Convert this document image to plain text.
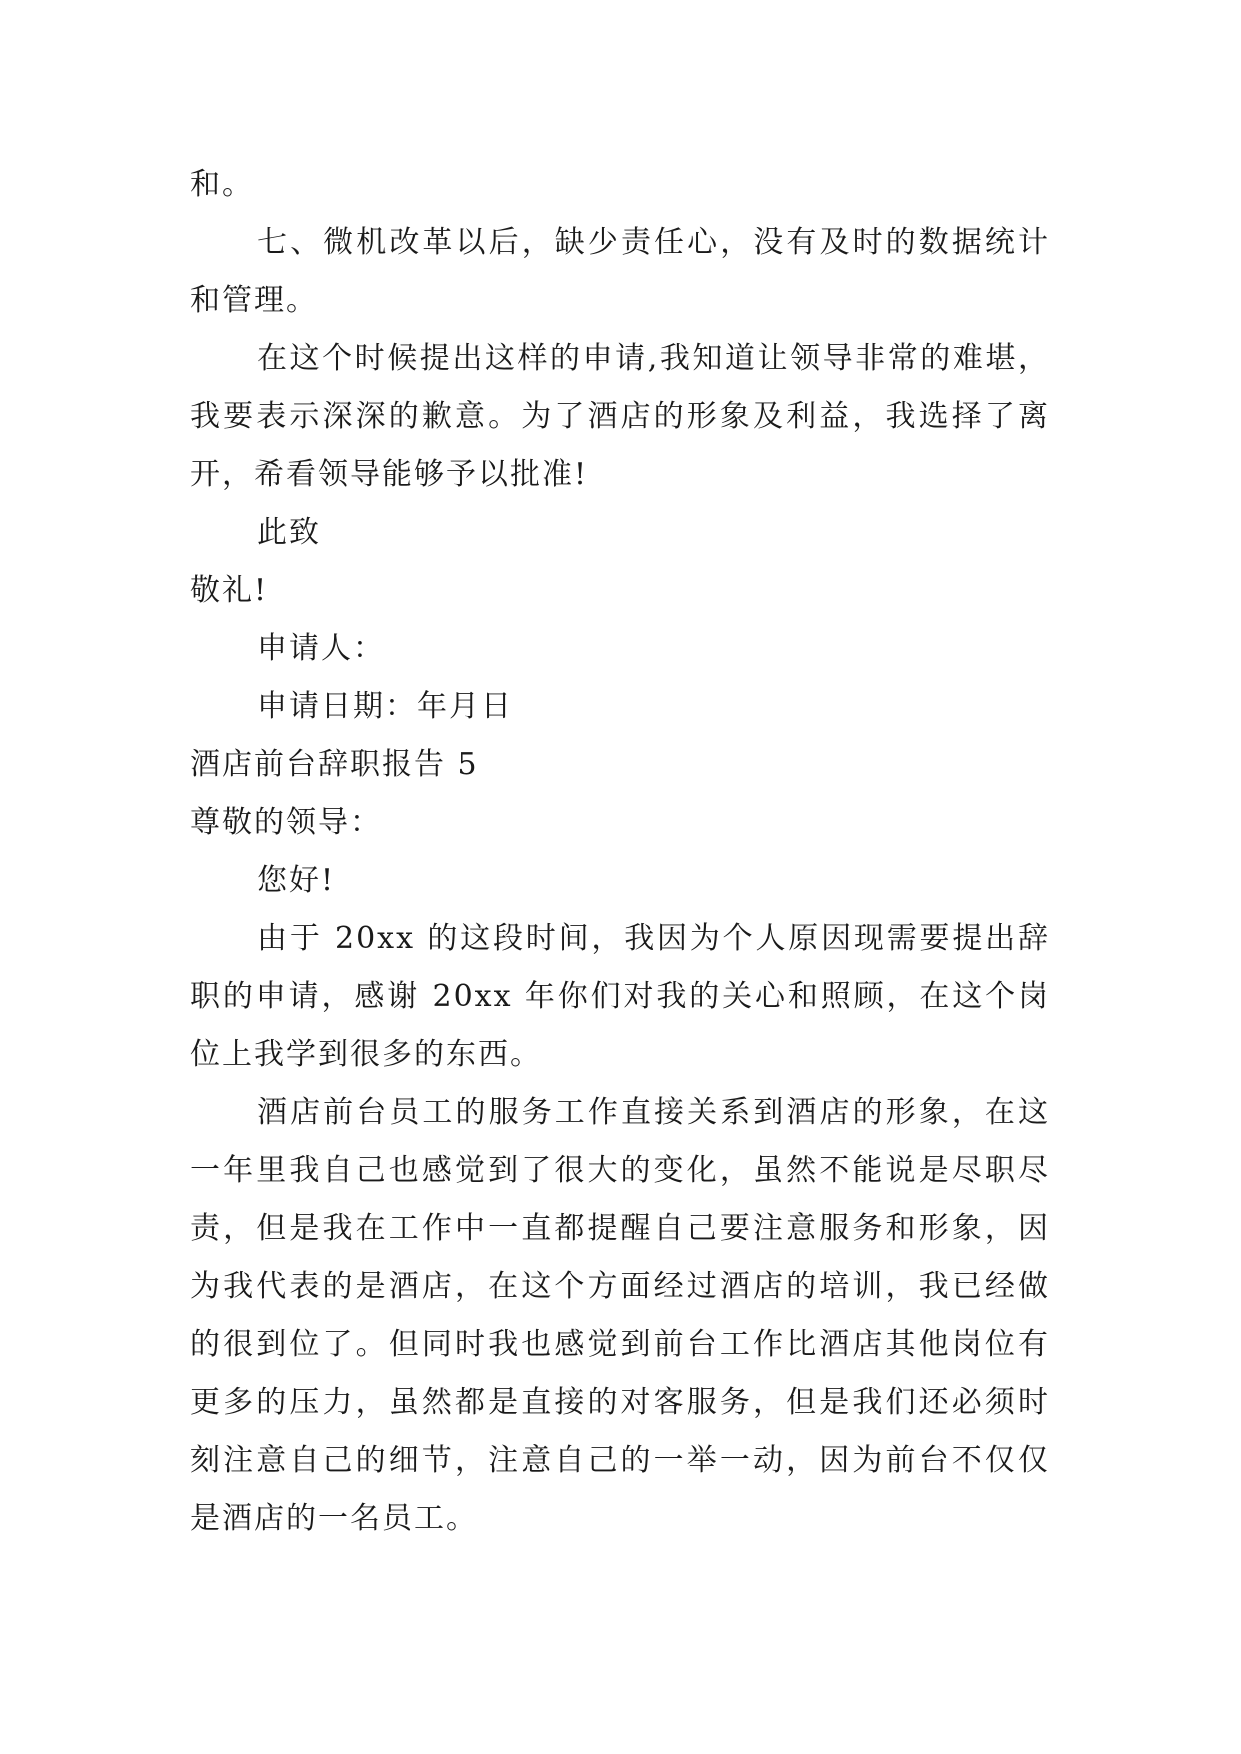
和。
七、微机改革以后，缺少责任心，没有及时的数据统计
和管理。
在这个时候提出这样的申请,我知道让领导非常的难堪，
我要表示深深的歉意。为了酒店的形象及利益，我选择了离
开，希看领导能够予以批准!
此致
敬礼!
申请人：
申请日期：年月日
酒店前台辞职报告 5
尊敬的领导：
您好!
由于 20xx 的这段时间，我因为个人原因现需要提出辞
职的申请，感谢 20xx 年你们对我的关心和照顾，在这个岗
位上我学到很多的东西。
酒店前台员工的服务工作直接关系到酒店的形象，在这
一年里我自己也感觉到了很大的变化，虽然不能说是尽职尽
责，但是我在工作中一直都提醒自己要注意服务和形象，因
为我代表的是酒店，在这个方面经过酒店的培训，我已经做
的很到位了。但同时我也感觉到前台工作比酒店其他岗位有
更多的压力，虽然都是直接的对客服务，但是我们还必须时
刻注意自己的细节，注意自己的一举一动，因为前台不仅仅
是酒店的一名员工。
